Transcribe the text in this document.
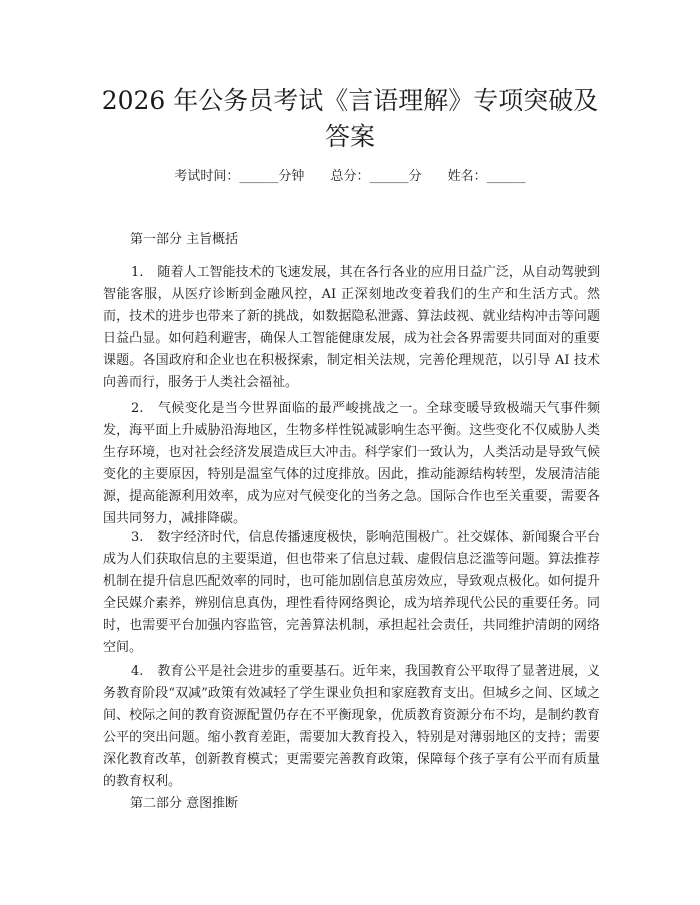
2026 年公务员考试《言语理解》专项突破及答案
考试时间：______分钟 总分：______分 姓名：______

第一部分 主旨概括

1. 随着人工智能技术的飞速发展，其在各行各业的应用日益广泛，从自动驾驶到智能客服，从医疗诊断到金融风控，AI 正深刻地改变着我们的生产和生活方式。然而，技术的进步也带来了新的挑战，如数据隐私泄露、算法歧视、就业结构冲击等问题日益凸显。如何趋利避害，确保人工智能健康发展，成为社会各界需要共同面对的重要课题。各国政府和企业也在积极探索，制定相关法规，完善伦理规范，以引导 AI 技术向善而行，服务于人类社会福祉。

2. 气候变化是当今世界面临的最严峻挑战之一。全球变暖导致极端天气事件频发，海平面上升威胁沿海地区，生物多样性锐减影响生态平衡。这些变化不仅威胁人类生存环境，也对社会经济发展造成巨大冲击。科学家们一致认为，人类活动是导致气候变化的主要原因，特别是温室气体的过度排放。因此，推动能源结构转型，发展清洁能源，提高能源利用效率，成为应对气候变化的当务之急。国际合作也至关重要，需要各国共同努力，减排降碳。

3. 数字经济时代，信息传播速度极快，影响范围极广。社交媒体、新闻聚合平台成为人们获取信息的主要渠道，但也带来了信息过载、虚假信息泛滥等问题。算法推荐机制在提升信息匹配效率的同时，也可能加剧信息茧房效应，导致观点极化。如何提升全民媒介素养，辨别信息真伪，理性看待网络舆论，成为培养现代公民的重要任务。同时，也需要平台加强内容监管，完善算法机制，承担起社会责任，共同维护清朗的网络空间。

4. 教育公平是社会进步的重要基石。近年来，我国教育公平取得了显著进展，义务教育阶段“双减”政策有效减轻了学生课业负担和家庭教育支出。但城乡之间、区域之间、校际之间的教育资源配置仍存在不平衡现象，优质教育资源分布不均，是制约教育公平的突出问题。缩小教育差距，需要加大教育投入，特别是对薄弱地区的支持；需要深化教育改革，创新教育模式；更需要完善教育政策，保障每个孩子享有公平而有质量的教育权利。

第二部分 意图推断
